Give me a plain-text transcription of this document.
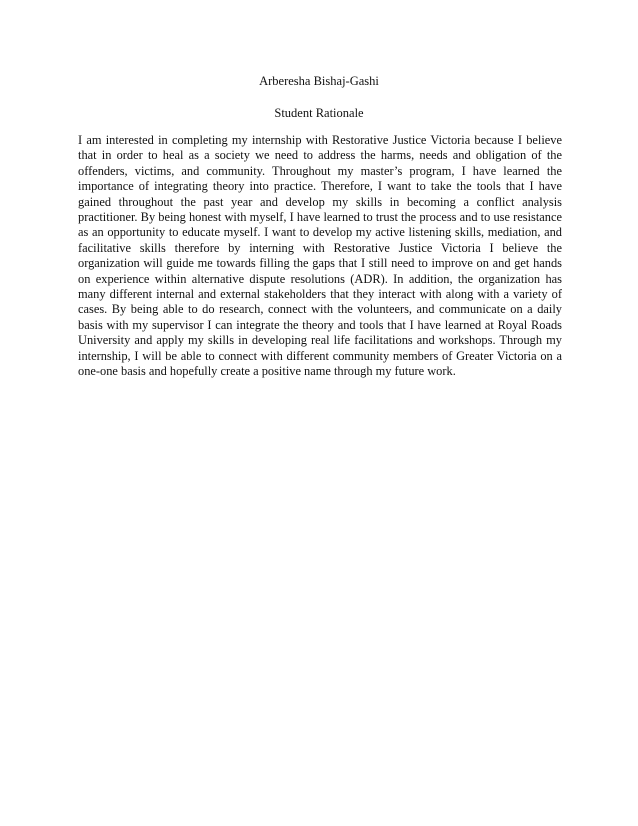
Arberesha Bishaj-Gashi
Student Rationale

I am interested in completing my internship with Restorative Justice Victoria because I believe that in order to heal as a society we need to address the harms, needs and obligation of the offenders, victims, and community. Throughout my master’s program, I have learned the importance of integrating theory into practice. Therefore, I want to take the tools that I have gained throughout the past year and develop my skills in becoming a conflict analysis practitioner. By being honest with myself, I have learned to trust the process and to use resistance as an opportunity to educate myself. I want to develop my active listening skills, mediation, and facilitative skills therefore by interning with Restorative Justice Victoria I believe the organization will guide me towards filling the gaps that I still need to improve on and get hands on experience within alternative dispute resolutions (ADR). In addition, the organization has many different internal and external stakeholders that they interact with along with a variety of cases. By being able to do research, connect with the volunteers, and communicate on a daily basis with my supervisor I can integrate the theory and tools that I have learned at Royal Roads University and apply my skills in developing real life facilitations and workshops. Through my internship, I will be able to connect with different community members of Greater Victoria on a one-one basis and hopefully create a positive name through my future work.
